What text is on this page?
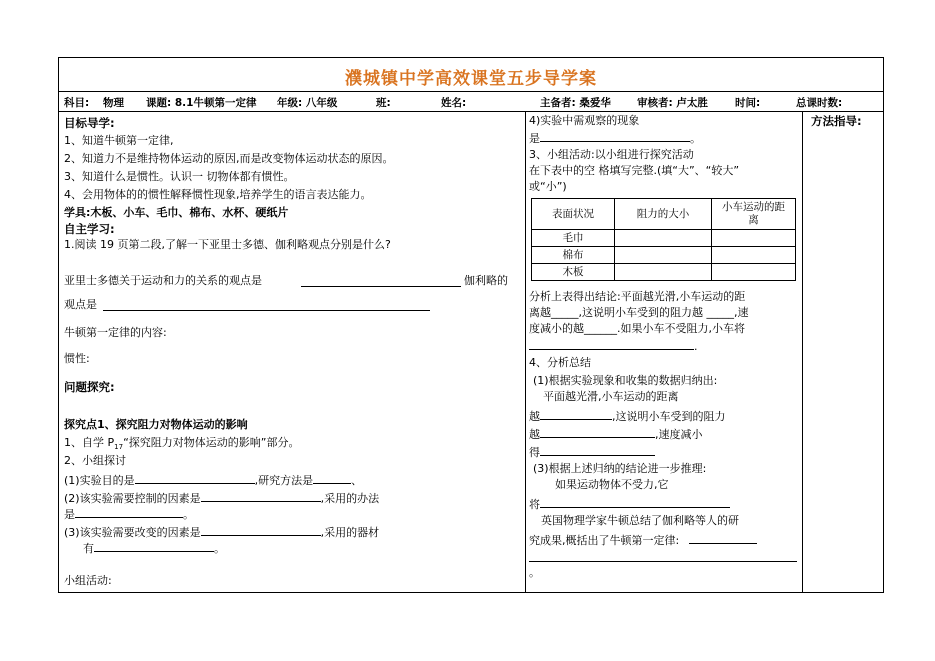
濮城镇中学高效课堂五步导学案
科目: 物理 课题: 8.1牛顿第一定律 年级: 八年级	班:	姓名:	主备者: 桑爱华 审核者: 卢太胜	时间:	总课时数:
目标导学:
1、知道牛顿第一定律,
2、知道力不是维持物体运动的原因,而是改变物体运动状态的原因。
3、知道什么是惯性。认识一 切物体都有惯性。
4、会用物体的的惯性解释惯性现象,培养学生的语言表达能力。
学具:木板、小车、毛巾、棉布、水杯、硬纸片
自主学习:
1.阅读 19 页第二段,了解一下亚里士多德、伽利略观点分别是什么?
亚里士多德关于运动和力的关系的观点是	伽利略的
观点是
牛顿第一定律的内容:
惯性:
问题探究:
探究点1、探究阻力对物体运动的影响
1、自学 $P_{17}“$探究阻力对物体运动的影响”部分。
2、小组探讨
(1)实验目的是	,研究方法是	、
(2)该实验需要控制的因素是	,采用的办法
是	。
(3)该实验需要改变的因素是	,采用的器材
有	。
小组活动:
4)实验中需观察的现象
是	。
3、小组活动:以小组进行探究活动
在下表中的空 格填写完整.(填“大”、“较大”
或“小”)
表面状况	阻力的大小	小车运动的距离
毛巾		
棉布		
木板		
分析上表得出结论:平面越光滑,小车运动的距
离越_____,这说明小车受到的阻力越 _____,速
度减小的越______.如果小车不受阻力,小车将
.
4、分析总结
(1)根据实验现象和收集的数据归纳出:
平面越光滑,小车运动的距离
越	,这说明小车受到的阻力
越	,速度减小
得
(3)根据上述归纳的结论进一步推理:
如果运动物体不受力,它
将
英国物理学家牛顿总结了伽利略等人的研
究成果,概括出了牛顿第一定律:
。
方法指导:
